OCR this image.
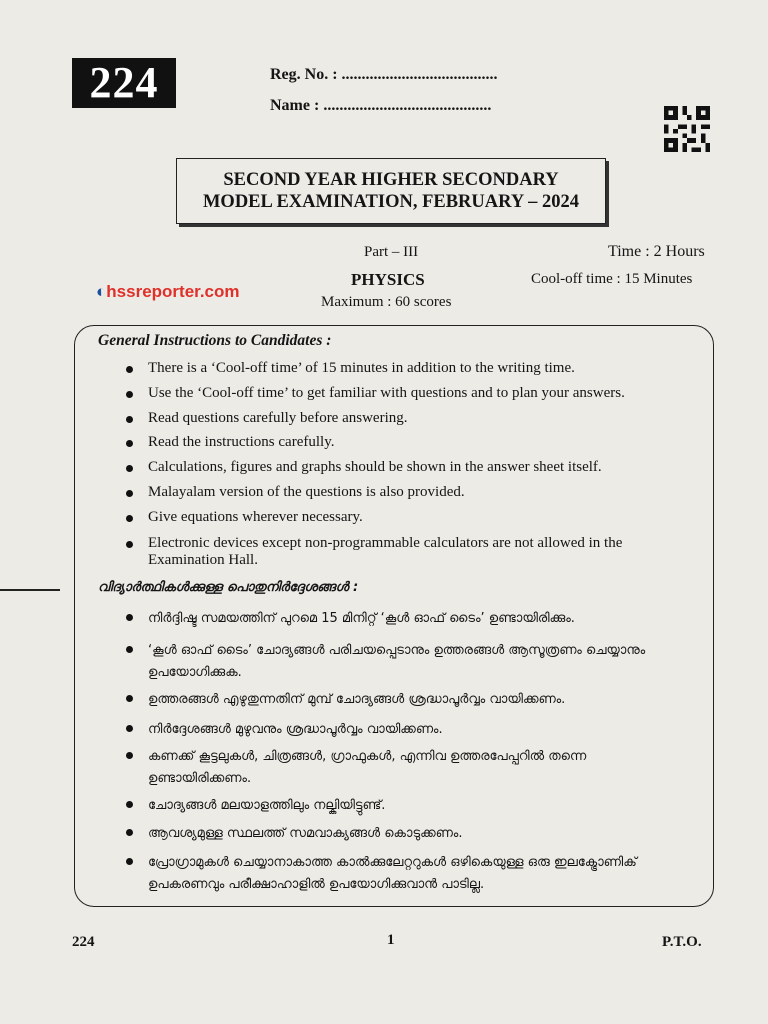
224	Reg. No. : .......................................
Name : ..........................................
SECOND YEAR HIGHER SECONDARY
MODEL EXAMINATION, FEBRUARY – 2024
Part – III
PHYSICS
Maximum : 60 scores
Time : 2 Hours
Cool-off time : 15 Minutes
◐hssreporter.com
General Instructions to Candidates :
There is a ‘Cool-off time’ of 15 minutes in addition to the writing time.
Use the ‘Cool-off time’ to get familiar with questions and to plan your answers.
Read questions carefully before answering.
Read the instructions carefully.
Calculations, figures and graphs should be shown in the answer sheet itself.
Malayalam version of the questions is also provided.
Give equations wherever necessary.
Electronic devices except non-programmable calculators are not allowed in the Examination Hall.
വിദ്യാർത്ഥികൾക്കുള്ള പൊതുനിർദ്ദേശങ്ങൾ :
നിർദ്ദിഷ്ട സമയത്തിന് പുറമെ 15 മിനിറ്റ് ‘കൂൾ ഓഫ് ടൈം’ ഉണ്ടായിരിക്കും.
‘കൂൾ ഓഫ് ടൈം’ ചോദ്യങ്ങൾ പരിചയപ്പെടാനും ഉത്തരങ്ങൾ ആസൂത്രണം ചെയ്യാനും ഉപയോഗിക്കുക.
ഉത്തരങ്ങൾ എഴുതുന്നതിന് മുമ്പ് ചോദ്യങ്ങൾ ശ്രദ്ധാപൂർവ്വം വായിക്കണം.
നിർദ്ദേശങ്ങൾ മുഴുവനും ശ്രദ്ധാപൂർവ്വം വായിക്കണം.
കണക്ക് കൂട്ടലുകൾ, ചിത്രങ്ങൾ, ഗ്രാഫുകൾ, എന്നിവ ഉത്തരപേപ്പറിൽ തന്നെ ഉണ്ടായിരിക്കണം.
ചോദ്യങ്ങൾ മലയാളത്തിലും നല്കിയിട്ടുണ്ട്.
ആവശ്യമുള്ള സ്ഥലത്ത് സമവാക്യങ്ങൾ കൊടുക്കണം.
പ്രോഗ്രാമുകൾ ചെയ്യാനാകാത്ത കാൽക്കുലേറ്ററുകൾ ഒഴികെയുള്ള ഒരു ഇലക്ട്രോണിക് ഉപകരണവും പരീക്ഷാഹാളിൽ ഉപയോഗിക്കുവാൻ പാടില്ല.
224	1	P.T.O.
